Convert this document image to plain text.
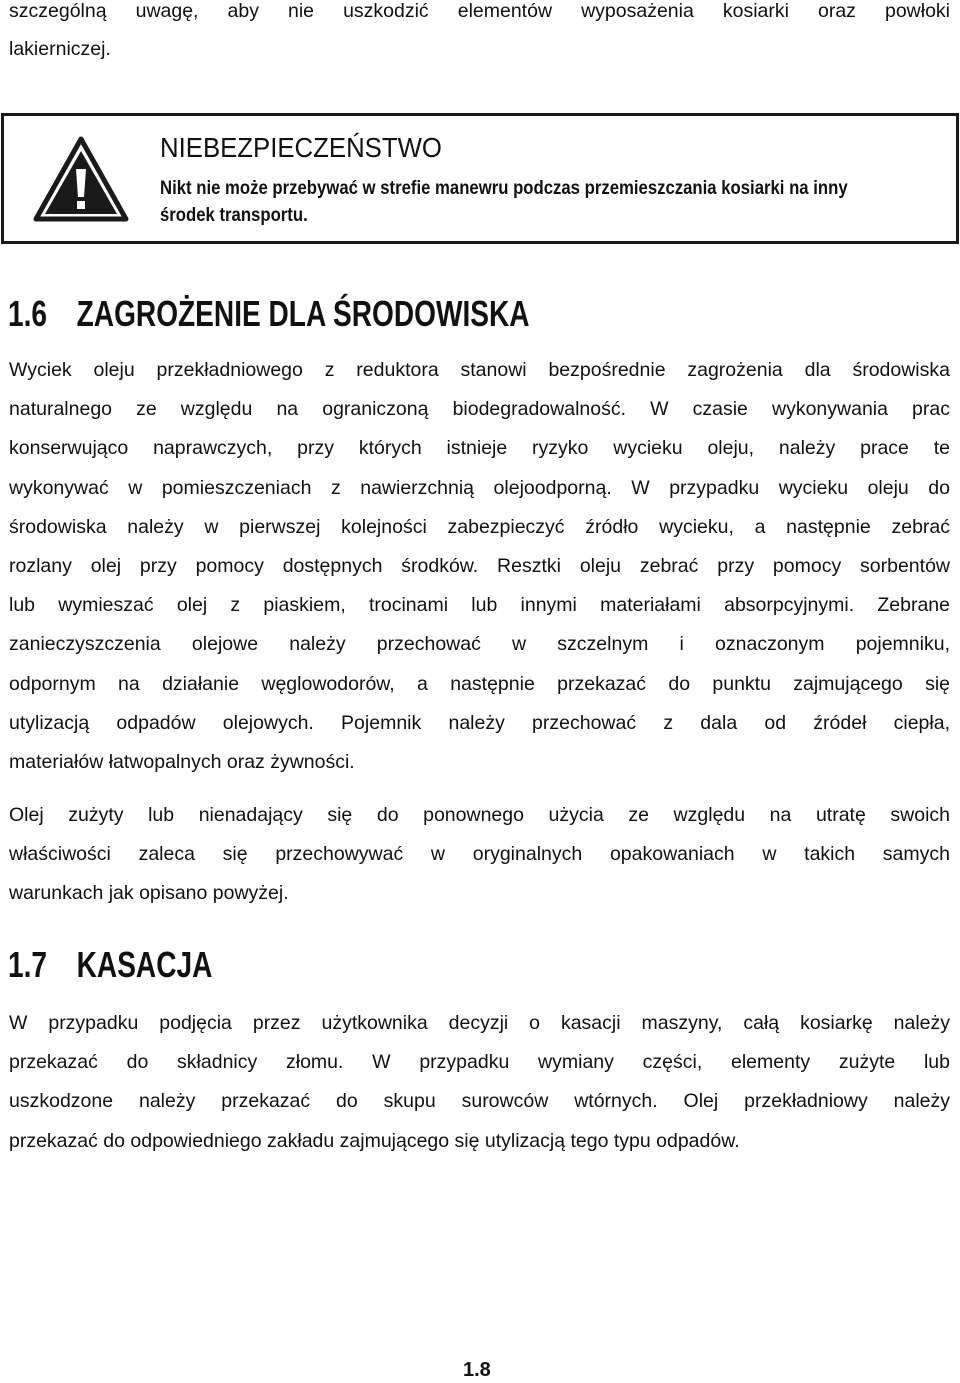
szczególną uwagę, aby nie uszkodzić elementów wyposażenia kosiarki oraz powłoki
lakierniczej.

NIEBEZPIECZEŃSTWO

Nikt nie może przebywać w strefie manewru podczas przemieszczania kosiarki na inny
środek transportu.
1.6 ZAGROŻENIE DLA ŚRODOWISKA
Wyciek oleju przekładniowego z reduktora stanowi bezpośrednie zagrożenia dla środowiska
naturalnego ze względu na ograniczoną biodegradowalność. W czasie wykonywania prac
konserwująco naprawczych, przy których istnieje ryzyko wycieku oleju, należy prace te
wykonywać w pomieszczeniach z nawierzchnią olejoodporną. W przypadku wycieku oleju do
środowiska należy w pierwszej kolejności zabezpieczyć źródło wycieku, a następnie zebrać
rozlany olej przy pomocy dostępnych środków. Resztki oleju zebrać przy pomocy sorbentów
lub wymieszać olej z piaskiem, trocinami lub innymi materiałami absorpcyjnymi. Zebrane
zanieczyszczenia olejowe należy przechować w szczelnym i oznaczonym pojemniku,
odpornym na działanie węglowodorów, a następnie przekazać do punktu zajmującego się
utylizacją odpadów olejowych. Pojemnik należy przechować z dala od źródeł ciepła,
materiałów łatwopalnych oraz żywności.
Olej zużyty lub nienadający się do ponownego użycia ze względu na utratę swoich
właściwości zaleca się przechowywać w oryginalnych opakowaniach w takich samych
warunkach jak opisano powyżej.
1.7 KASACJA
W przypadku podjęcia przez użytkownika decyzji o kasacji maszyny, całą kosiarkę należy
przekazać do składnicy złomu. W przypadku wymiany części, elementy zużyte lub
uszkodzone należy przekazać do skupu surowców wtórnych. Olej przekładniowy należy
przekazać do odpowiedniego zakładu zajmującego się utylizacją tego typu odpadów.

1.8
